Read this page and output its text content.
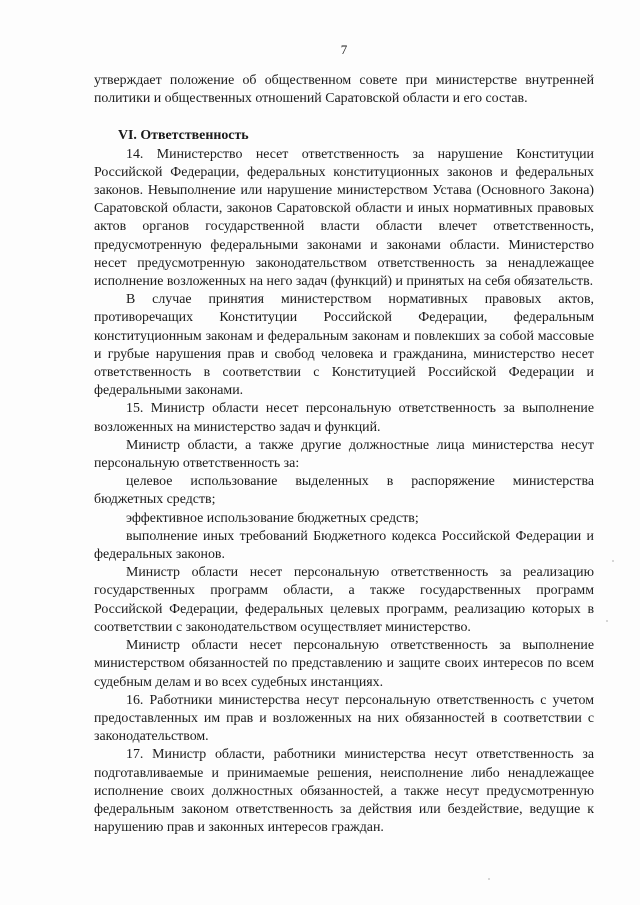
7

утверждает положение об общественном совете при министерстве внутренней политики и общественных отношений Саратовской области и его состав.

VI. Ответственность

14. Министерство несет ответственность за нарушение Конституции Российской Федерации, федеральных конституционных законов и федеральных законов. Невыполнение или нарушение министерством Устава (Основного Закона) Саратовской области, законов Саратовской области и иных нормативных правовых актов органов государственной власти области влечет ответственность, предусмотренную федеральными законами и законами области. Министерство несет предусмотренную законодательством ответственность за ненадлежащее исполнение возложенных на него задач (функций) и принятых на себя обязательств.

В случае принятия министерством нормативных правовых актов, противоречащих Конституции Российской Федерации, федеральным конституционным законам и федеральным законам и повлекших за собой массовые и грубые нарушения прав и свобод человека и гражданина, министерство несет ответственность в соответствии с Конституцией Российской Федерации и федеральными законами.

15. Министр области несет персональную ответственность за выполнение возложенных на министерство задач и функций.

Министр области, а также другие должностные лица министерства несут персональную ответственность за:

целевое использование выделенных в распоряжение министерства бюджетных средств;

эффективное использование бюджетных средств;

выполнение иных требований Бюджетного кодекса Российской Федерации и федеральных законов.

Министр области несет персональную ответственность за реализацию государственных программ области, а также государственных программ Российской Федерации, федеральных целевых программ, реализацию которых в соответствии с законодательством осуществляет министерство.

Министр области несет персональную ответственность за выполнение министерством обязанностей по представлению и защите своих интересов по всем судебным делам и во всех судебных инстанциях.

16. Работники министерства несут персональную ответственность с учетом предоставленных им прав и возложенных на них обязанностей в соответствии с законодательством.

17. Министр области, работники министерства несут ответственность за подготавливаемые и принимаемые решения, неисполнение либо ненадлежащее исполнение своих должностных обязанностей, а также несут предусмотренную федеральным законом ответственность за действия или бездействие, ведущие к нарушению прав и законных интересов граждан.
